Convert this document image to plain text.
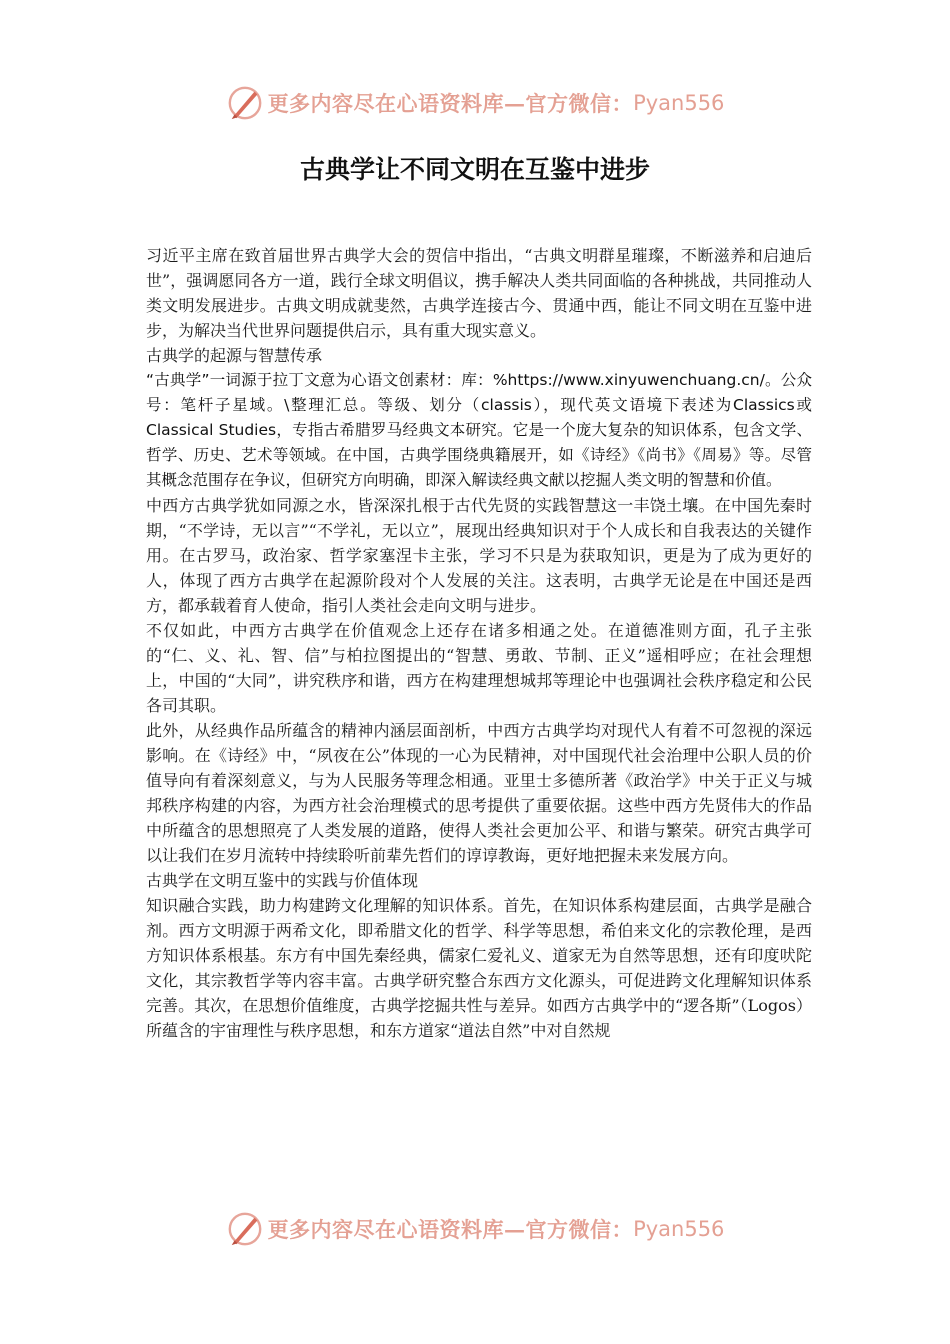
更多内容尽在心语资料库—官方微信： Pyan556
古典学让不同文明在互鉴中进步

习近平主席在致首届世界古典学大会的贺信中指出，“古典文明群星璀璨，不断滋养和启迪后世”，强调愿同各方一道，践行全球文明倡议，携手解决人类共同面临的各种挑战，共同推动人类文明发展进步。古典文明成就斐然，古典学连接古今、贯通中西，能让不同文明在互鉴中进步，为解决当代世界问题提供启示，具有重大现实意义。

古典学的起源与智慧传承

“古典学”一词源于拉丁文意为心语文创素材：库：%https://www.xinyuwenchuang.cn/。公众号：笔杆子星域。\整理汇总。等级、划分（classis），现代英文语境下表述为Classics或Classical Studies，专指古希腊罗马经典文本研究。它是一个庞大复杂的知识体系，包含文学、哲学、历史、艺术等领域。在中国，古典学围绕典籍展开，如《诗经》《尚书》《周易》等。尽管其概念范围存在争议，但研究方向明确，即深入解读经典文献以挖掘人类文明的智慧和价值。

中西方古典学犹如同源之水，皆深深扎根于古代先贤的实践智慧这一丰饶土壤。在中国先秦时期，“不学诗，无以言”“不学礼，无以立”，展现出经典知识对于个人成长和自我表达的关键作用。在古罗马，政治家、哲学家塞涅卡主张，学习不只是为获取知识，更是为了成为更好的人，体现了西方古典学在起源阶段对个人发展的关注。这表明，古典学无论是在中国还是西方，都承载着育人使命，指引人类社会走向文明与进步。

不仅如此，中西方古典学在价值观念上还存在诸多相通之处。在道德准则方面，孔子主张的“仁、义、礼、智、信”与柏拉图提出的“智慧、勇敢、节制、正义”遥相呼应；在社会理想上，中国的“大同”，讲究秩序和谐，西方在构建理想城邦等理论中也强调社会秩序稳定和公民各司其职。

此外，从经典作品所蕴含的精神内涵层面剖析，中西方古典学均对现代人有着不可忽视的深远影响。在《诗经》中，“夙夜在公”体现的一心为民精神，对中国现代社会治理中公职人员的价值导向有着深刻意义，与为人民服务等理念相通。亚里士多德所著《政治学》中关于正义与城邦秩序构建的内容，为西方社会治理模式的思考提供了重要依据。这些中西方先贤伟大的作品中所蕴含的思想照亮了人类发展的道路，使得人类社会更加公平、和谐与繁荣。研究古典学可以让我们在岁月流转中持续聆听前辈先哲们的谆谆教诲，更好地把握未来发展方向。

古典学在文明互鉴中的实践与价值体现

知识融合实践，助力构建跨文化理解的知识体系。首先，在知识体系构建层面，古典学是融合剂。西方文明源于两希文化，即希腊文化的哲学、科学等思想，希伯来文化的宗教伦理，是西方知识体系根基。东方有中国先秦经典，儒家仁爱礼义、道家无为自然等思想，还有印度吠陀文化，其宗教哲学等内容丰富。古典学研究整合东西方文化源头，可促进跨文化理解知识体系完善。其次，在思想价值维度，古典学挖掘共性与差异。如西方古典学中的“逻各斯”（Logos）所蕴含的宇宙理性与秩序思想，和东方道家“道法自然”中对自然规

更多内容尽在心语资料库—官方微信： Pyan556
